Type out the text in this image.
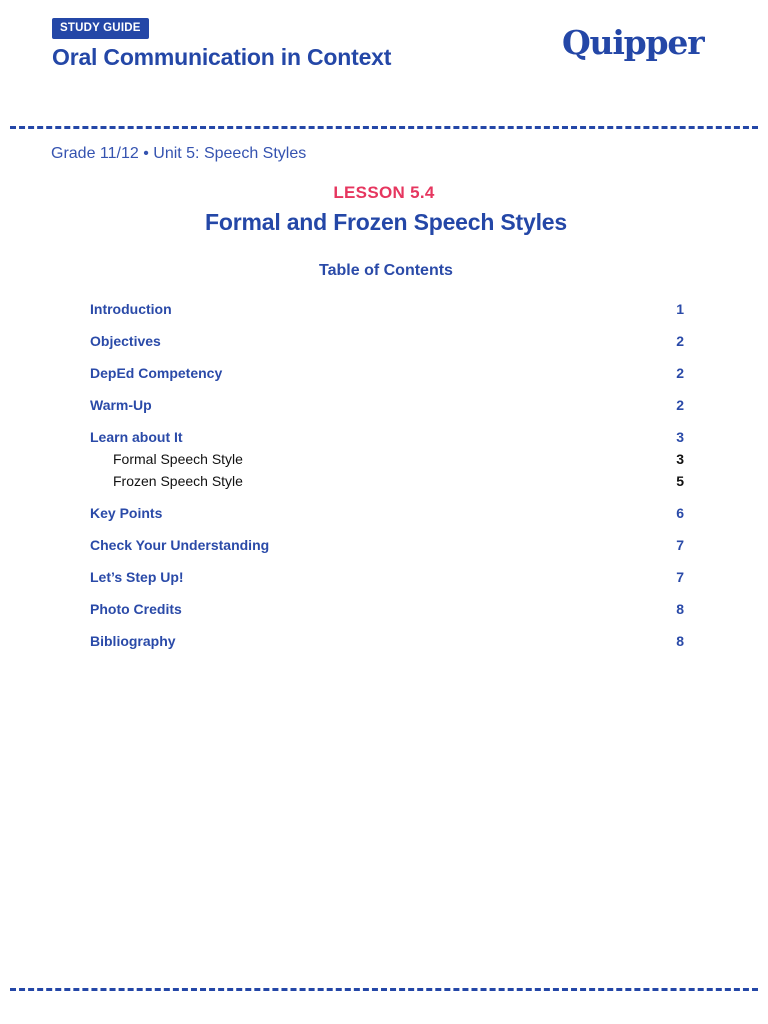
STUDY GUIDE
Oral Communication in Context	Quipper
Grade 11/12 • Unit 5: Speech Styles
LESSON 5.4
Formal and Frozen Speech Styles
Table of Contents
Introduction	1
Objectives	2
DepEd Competency	2
Warm-Up	2
Learn about It	3
Formal Speech Style	3
Frozen Speech Style	5
Key Points	6
Check Your Understanding	7
Let’s Step Up!	7
Photo Credits	8
Bibliography	8
